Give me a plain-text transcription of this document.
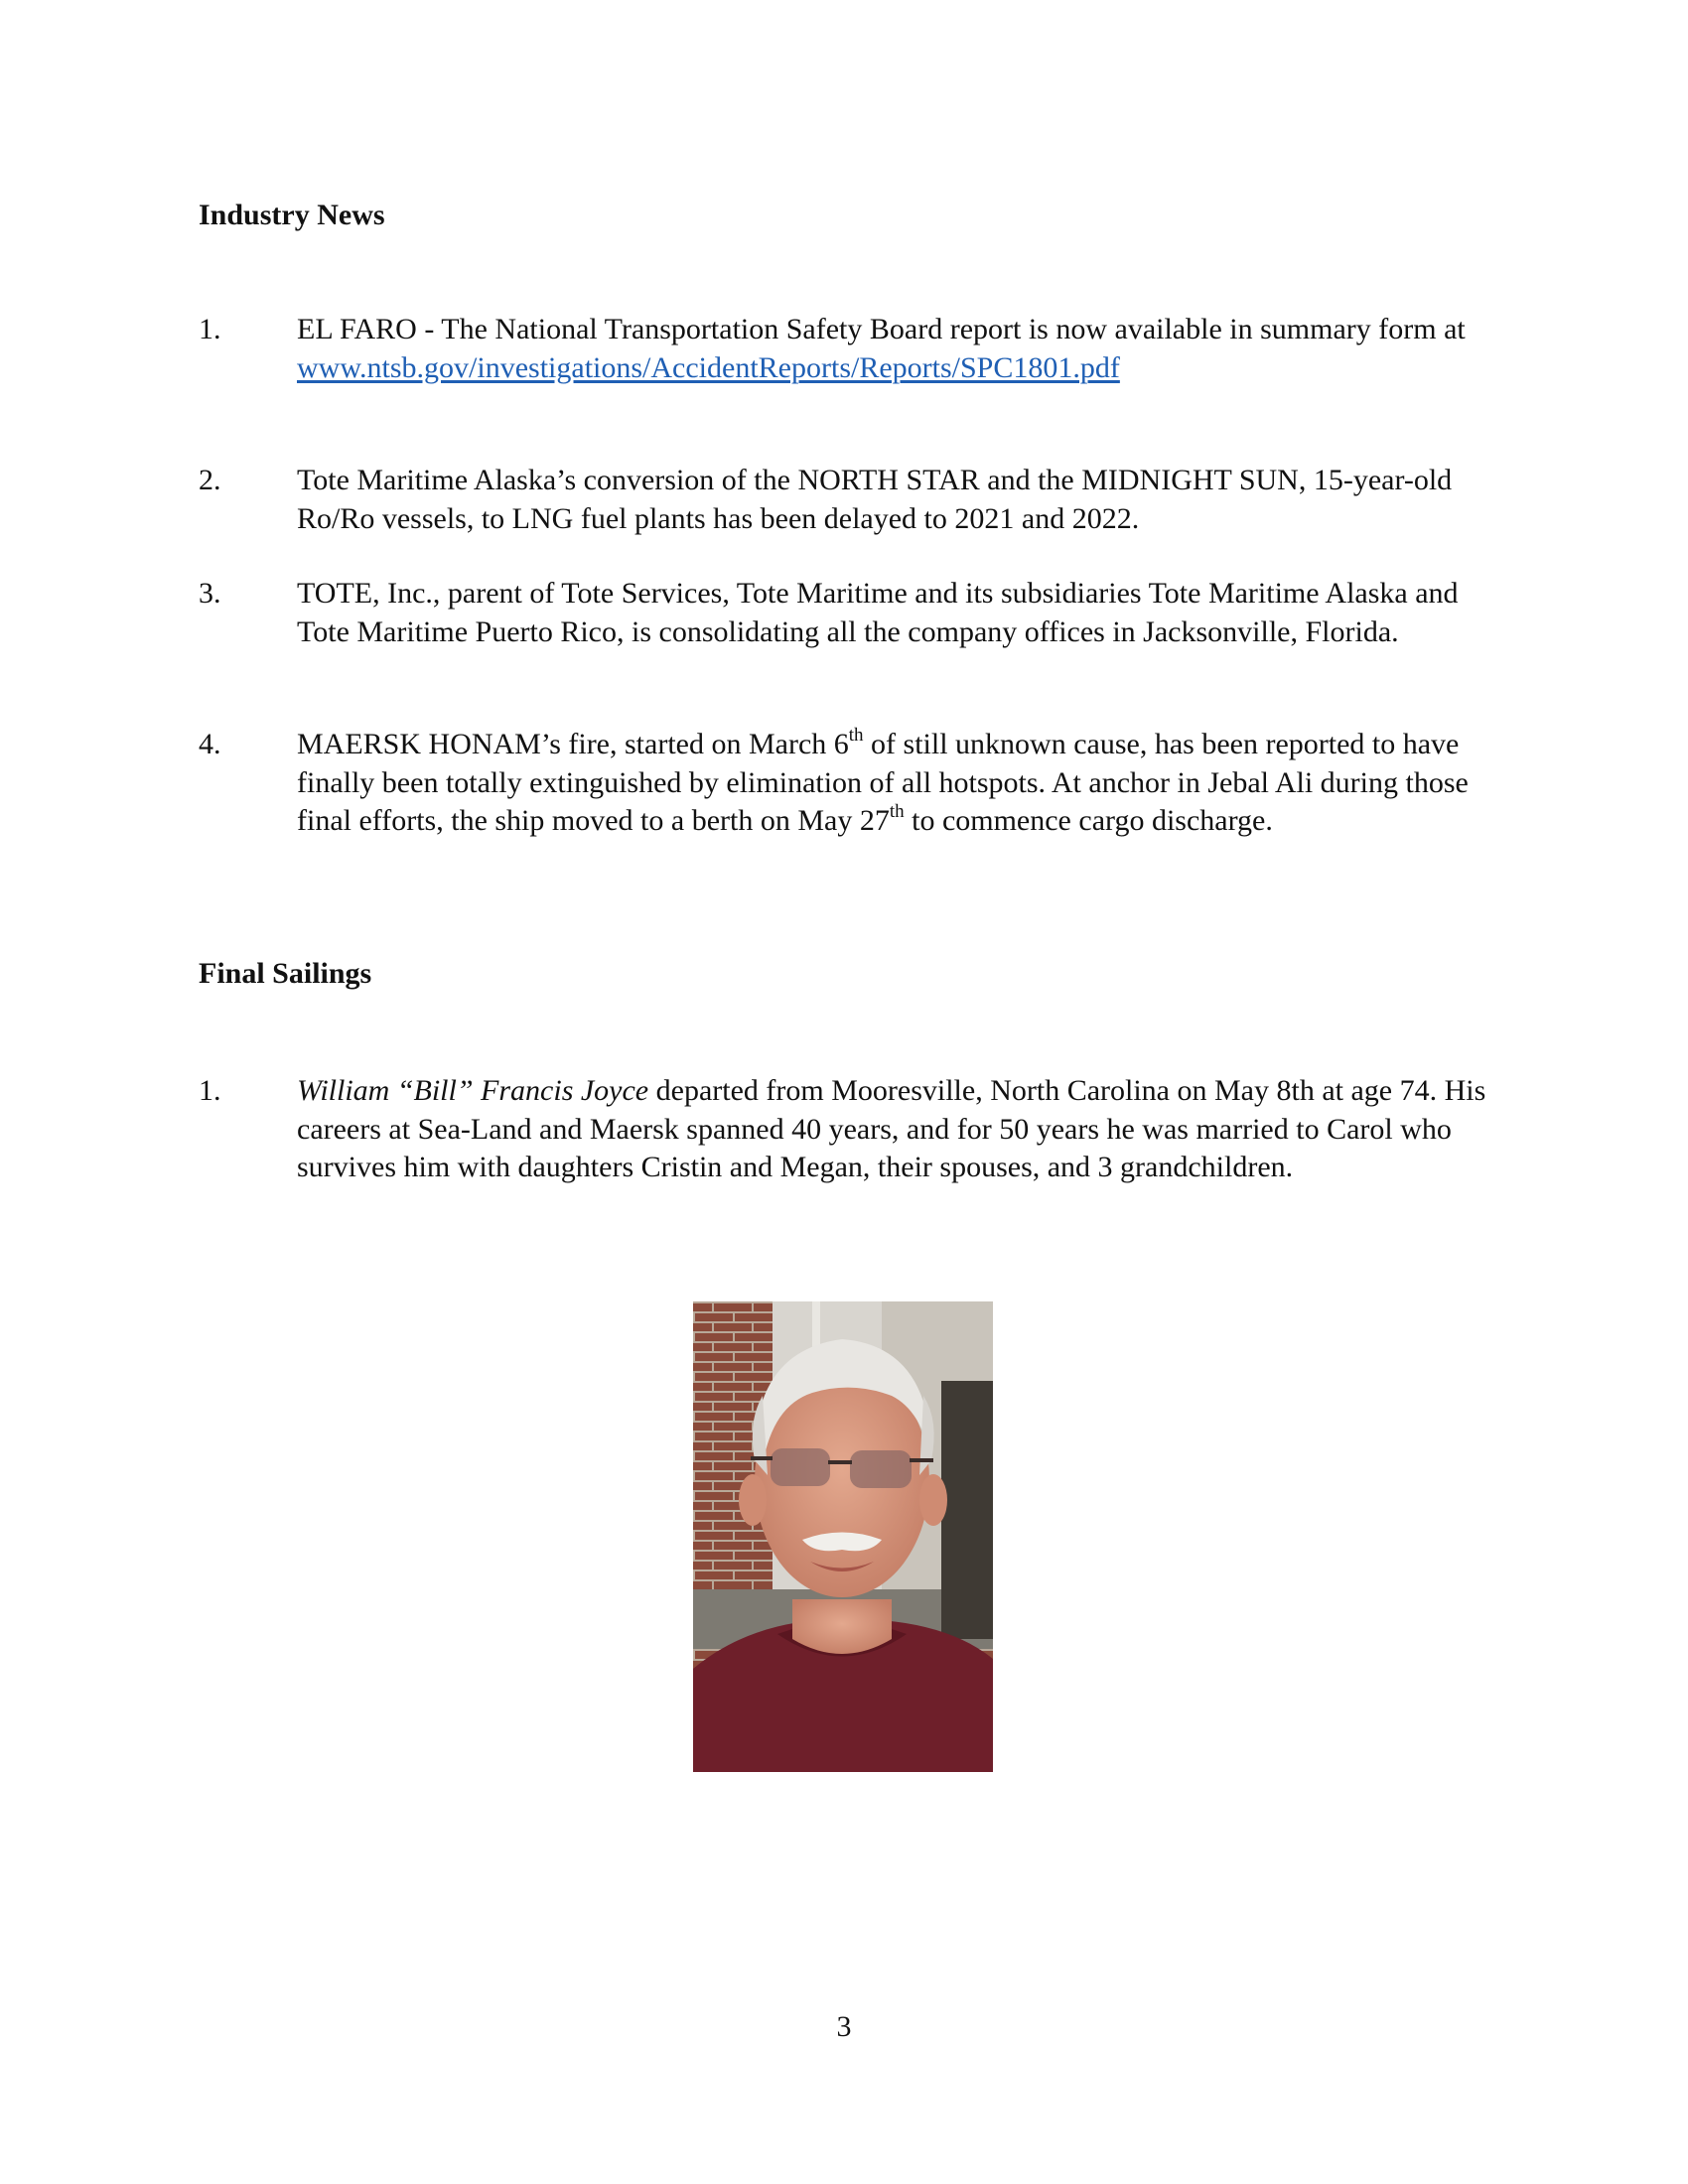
Industry News
1.	EL FARO - The National Transportation Safety Board report is now available in summary form at www.ntsb.gov/investigations/AccidentReports/Reports/SPC1801.pdf
2.	Tote Maritime Alaska’s conversion of the NORTH STAR and the MIDNIGHT SUN, 15-year-old Ro/Ro vessels, to LNG fuel plants has been delayed to 2021 and 2022.
3.	TOTE, Inc., parent of Tote Services, Tote Maritime and its subsidiaries Tote Maritime Alaska and Tote Maritime Puerto Rico, is consolidating all the company offices in Jacksonville, Florida.
4.	MAERSK HONAM’s fire, started on March 6th of still unknown cause, has been reported to have finally been totally extinguished by elimination of all hotspots. At anchor in Jebal Ali during those final efforts, the ship moved to a berth on May 27th to commence cargo discharge.
Final Sailings
1.	William “Bill” Francis Joyce departed from Mooresville, North Carolina on May 8th at age 74. His careers at Sea-Land and Maersk spanned 40 years, and for 50 years he was married to Carol who survives him with daughters Cristin and Megan, their spouses, and 3 grandchildren.
3
